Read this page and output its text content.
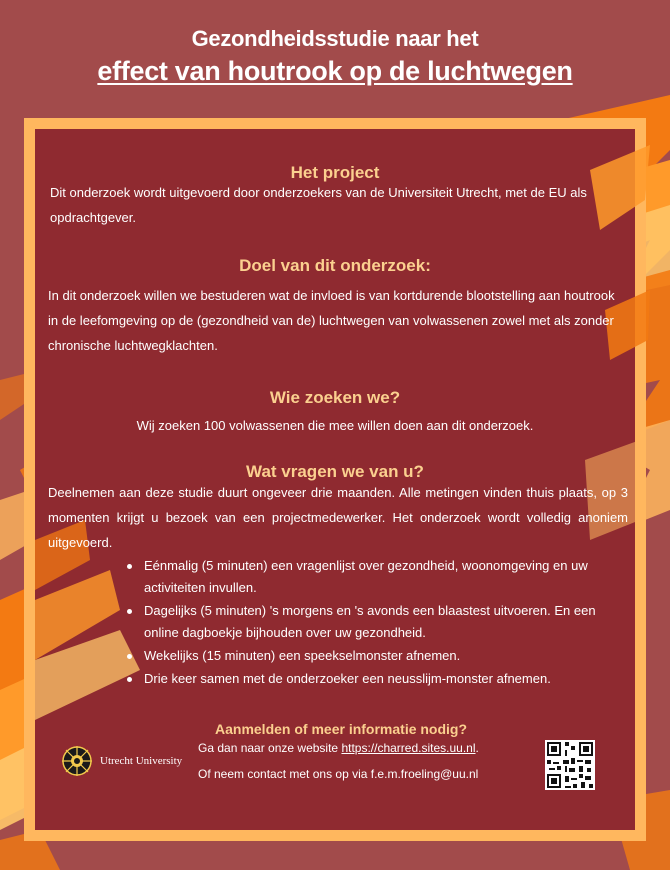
Gezondheidsstudie naar het
effect van houtrook op de luchtwegen
Het project
Dit onderzoek wordt uitgevoerd door onderzoekers van de Universiteit Utrecht, met de EU als opdrachtgever.
Doel van dit onderzoek:
In dit onderzoek willen we bestuderen wat de invloed is van kortdurende blootstelling aan houtrook in de leefomgeving op de (gezondheid van de) luchtwegen van volwassenen zowel met als zonder chronische luchtwegklachten.
Wie zoeken we?
Wij zoeken 100 volwassenen die mee willen doen aan dit onderzoek.
Wat vragen we van u?
Deelnemen aan deze studie duurt ongeveer drie maanden. Alle metingen vinden thuis plaats, op 3 momenten krijgt u bezoek van een projectmedewerker. Het onderzoek wordt volledig anoniem uitgevoerd.
Eénmalig (5 minuten) een vragenlijst over gezondheid, woonomgeving en uw activiteiten invullen.
Dagelijks (5 minuten) 's morgens en 's avonds een blaastest uitvoeren. En een online dagboekje bijhouden over uw gezondheid.
Wekelijks (15 minuten) een speekselmonster afnemen.
Drie keer samen met de onderzoeker een neusslijm-monster afnemen.
Aanmelden of meer informatie nodig?
Ga dan naar onze website https://charred.sites.uu.nl.
Of neem contact met ons op via f.e.m.froeling@uu.nl
Utrecht University
